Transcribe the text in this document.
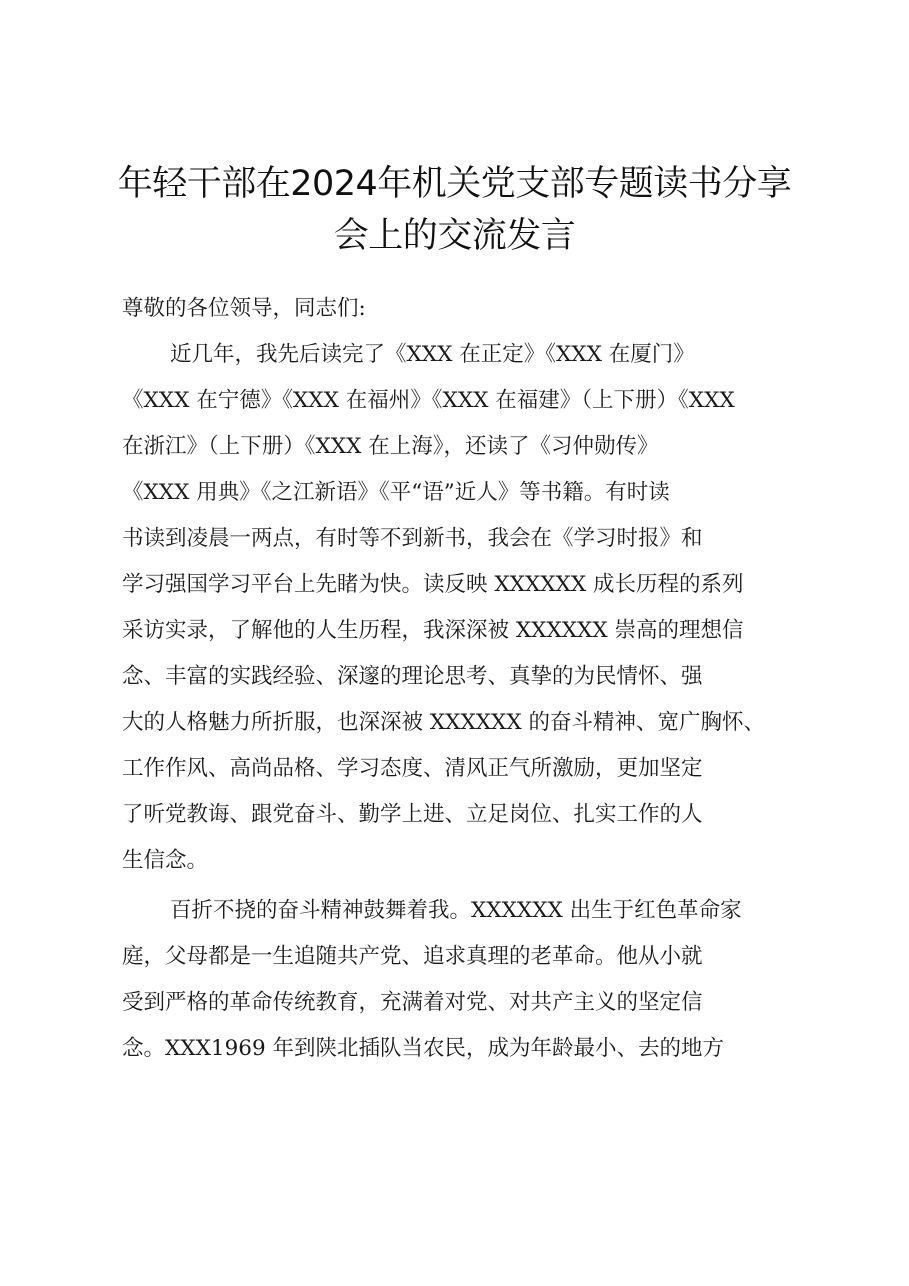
年轻干部在2024年机关党支部专题读书分享 会上的交流发言
尊敬的各位领导，同志们:
近几年，我先后读完了《XXX 在正定》《XXX 在厦门》
《XXX 在宁德》《XXX 在福州》《XXX 在福建》（上下册）《XXX
在浙江》（上下册）《XXX 在上海》，还读了《习仲勋传》
《XXX 用典》《之江新语》《平“语”近人》等书籍。有时读
书读到凌晨一两点，有时等不到新书，我会在《学习时报》和
学习强国学习平台上先睹为快。读反映 XXXXXX 成长历程的系列
采访实录，了解他的人生历程，我深深被 XXXXXX 崇高的理想信
念、丰富的实践经验、深邃的理论思考、真挚的为民情怀、强
大的人格魅力所折服，也深深被 XXXXXX 的奋斗精神、宽广胸怀、
工作作风、高尚品格、学习态度、清风正气所激励，更加坚定
了听党教诲、跟党奋斗、勤学上进、立足岗位、扎实工作的人
生信念。
百折不挠的奋斗精神鼓舞着我。XXXXXX 出生于红色革命家
庭，父母都是一生追随共产党、追求真理的老革命。他从小就
受到严格的革命传统教育，充满着对党、对共产主义的坚定信
念。XXX1969 年到陕北插队当农民，成为年龄最小、去的地方
